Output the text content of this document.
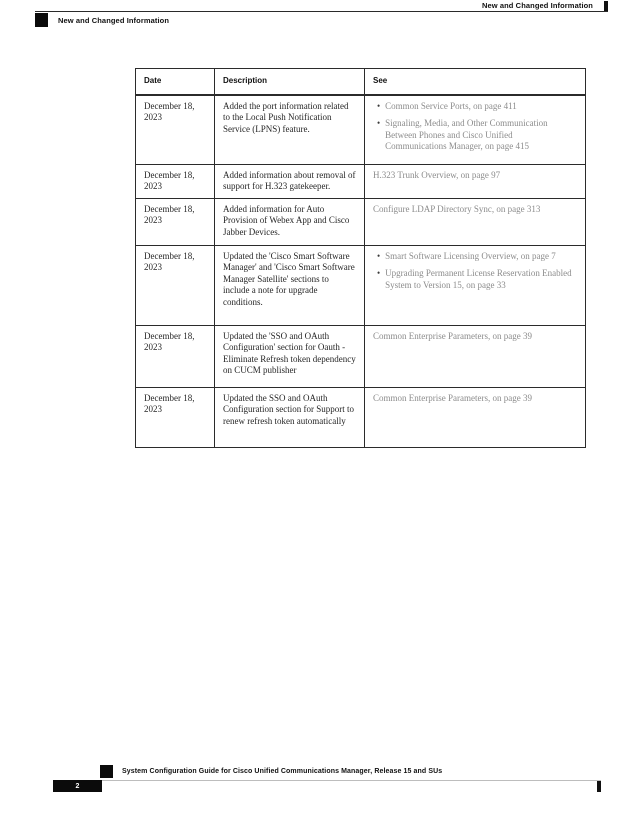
New and Changed Information
New and Changed Information
Date	Description	See
December 18, 2023	Added the port information related to the Local Push Notification Service (LPNS) feature.	• Common Service Ports, on page 411
• Signaling, Media, and Other Communication Between Phones and Cisco Unified Communications Manager, on page 415

December 18, 2023	Added information about removal of support for H.323 gatekeeper.	H.323 Trunk Overview, on page 97
December 18, 2023	Added information for Auto Provision of Webex App and Cisco Jabber Devices.	Configure LDAP Directory Sync, on page 313
December 18, 2023	Updated the 'Cisco Smart Software Manager' and 'Cisco Smart Software Manager Satellite' sections to include a note for upgrade conditions.	• Smart Software Licensing Overview, on page 7
• Upgrading Permanent License Reservation Enabled System to Version 15, on page 33

December 18, 2023	Updated the 'SSO and OAuth Configuration' section for Oauth - Eliminate Refresh token dependency on CUCM publisher	Common Enterprise Parameters, on page 39
December 18, 2023	Updated the SSO and OAuth Configuration section for Support to renew refresh token automatically	Common Enterprise Parameters, on page 39
System Configuration Guide for Cisco Unified Communications Manager, Release 15 and SUs
2
